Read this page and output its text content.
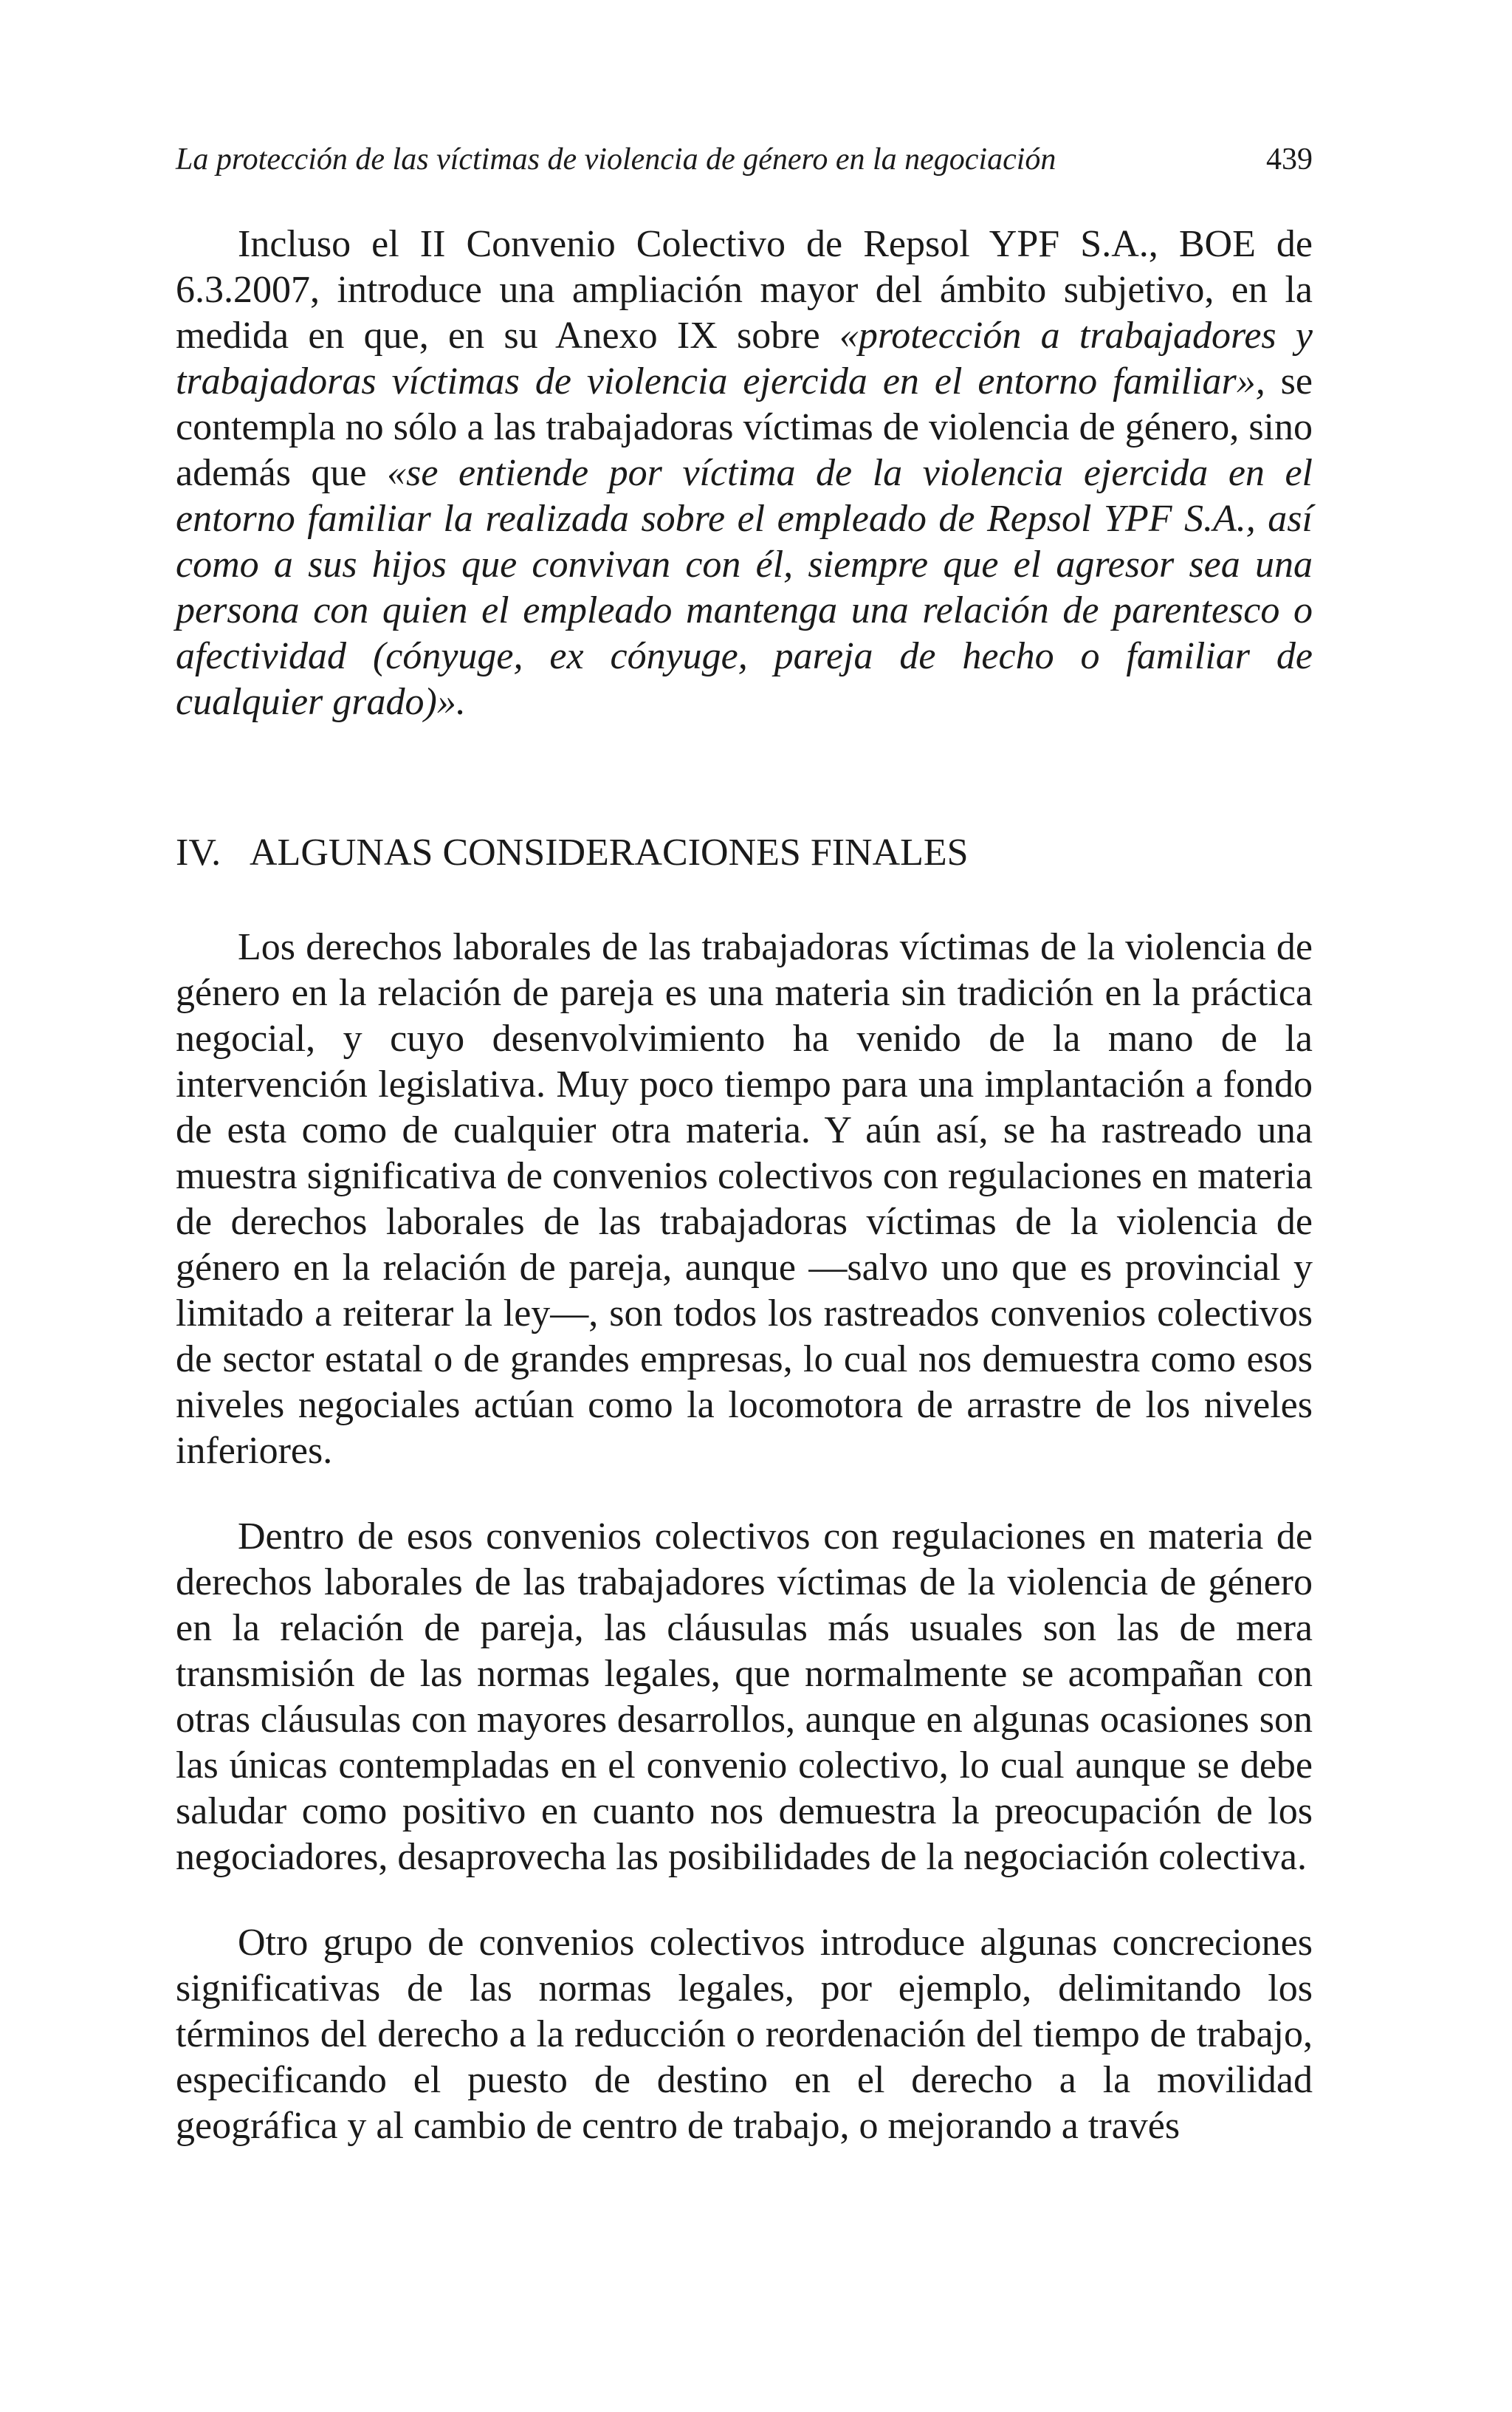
La protección de las víctimas de violencia de género en la negociación	439

Incluso el II Convenio Colectivo de Repsol YPF S.A., BOE de 6.3.2007, introduce una ampliación mayor del ámbito subjetivo, en la medida en que, en su Anexo IX sobre «protección a trabajadores y trabajadoras víctimas de violencia ejercida en el entorno familiar», se contempla no sólo a las trabajadoras víctimas de violencia de género, sino además que «se entiende por víctima de la violencia ejercida en el entorno familiar la realizada sobre el empleado de Repsol YPF S.A., así como a sus hijos que convivan con él, siempre que el agresor sea una persona con quien el empleado mantenga una relación de parentesco o afectividad (cónyuge, ex cónyuge, pareja de hecho o familiar de cualquier grado)».

IV. ALGUNAS CONSIDERACIONES FINALES

Los derechos laborales de las trabajadoras víctimas de la violencia de género en la relación de pareja es una materia sin tradición en la práctica negocial, y cuyo desenvolvimiento ha venido de la mano de la intervención legislativa. Muy poco tiempo para una implantación a fondo de esta como de cualquier otra materia. Y aún así, se ha rastreado una muestra significativa de convenios colectivos con regulaciones en materia de derechos laborales de las trabajadoras víctimas de la violencia de género en la relación de pareja, aunque —salvo uno que es provincial y limitado a reiterar la ley—, son todos los rastreados convenios colectivos de sector estatal o de grandes empresas, lo cual nos demuestra como esos niveles negociales actúan como la locomotora de arrastre de los niveles inferiores.

Dentro de esos convenios colectivos con regulaciones en materia de derechos laborales de las trabajadores víctimas de la violencia de género en la relación de pareja, las cláusulas más usuales son las de mera transmisión de las normas legales, que normalmente se acompañan con otras cláusulas con mayores desarrollos, aunque en algunas ocasiones son las únicas contempladas en el convenio colectivo, lo cual aunque se debe saludar como positivo en cuanto nos demuestra la preocupación de los negociadores, desaprovecha las posibilidades de la negociación colectiva.

Otro grupo de convenios colectivos introduce algunas concreciones significativas de las normas legales, por ejemplo, delimitando los términos del derecho a la reducción o reordenación del tiempo de trabajo, especificando el puesto de destino en el derecho a la movilidad geográfica y al cambio de centro de trabajo, o mejorando a través
